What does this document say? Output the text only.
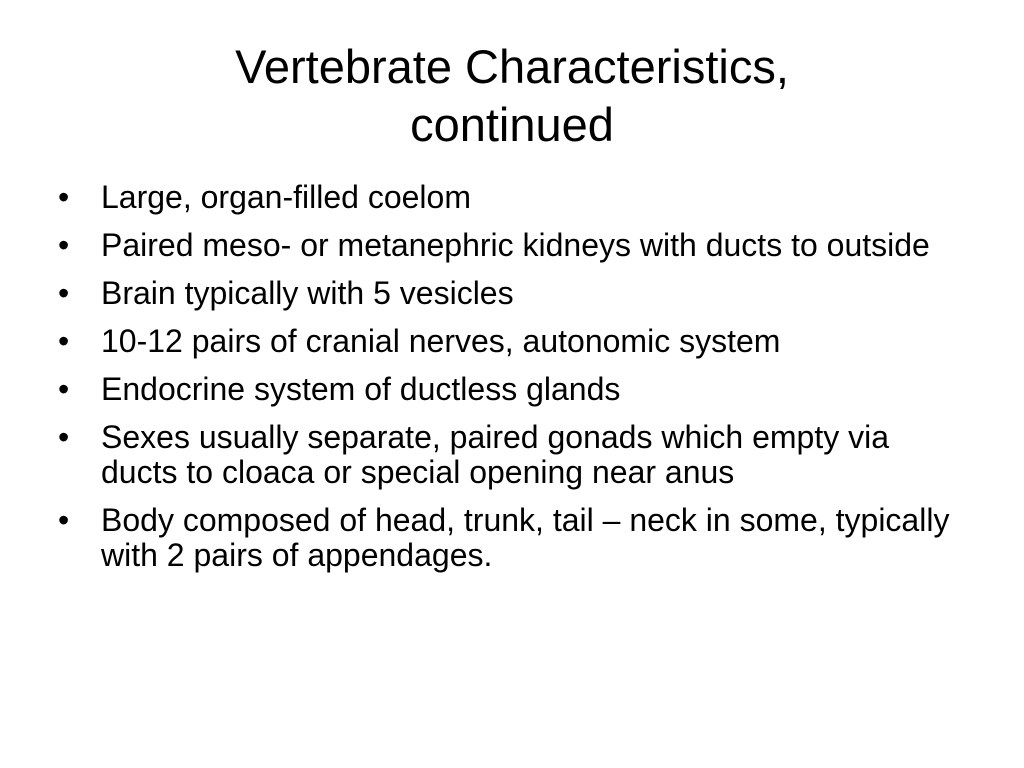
Vertebrate Characteristics,
continued
• Large, organ-filled coelom
• Paired meso- or metanephric kidneys with ducts to outside
• Brain typically with 5 vesicles
• 10-12 pairs of cranial nerves, autonomic system
• Endocrine system of ductless glands
• Sexes usually separate, paired gonads which empty via ducts to cloaca or special opening near anus
• Body composed of head, trunk, tail – neck in some, typically with 2 pairs of appendages.
